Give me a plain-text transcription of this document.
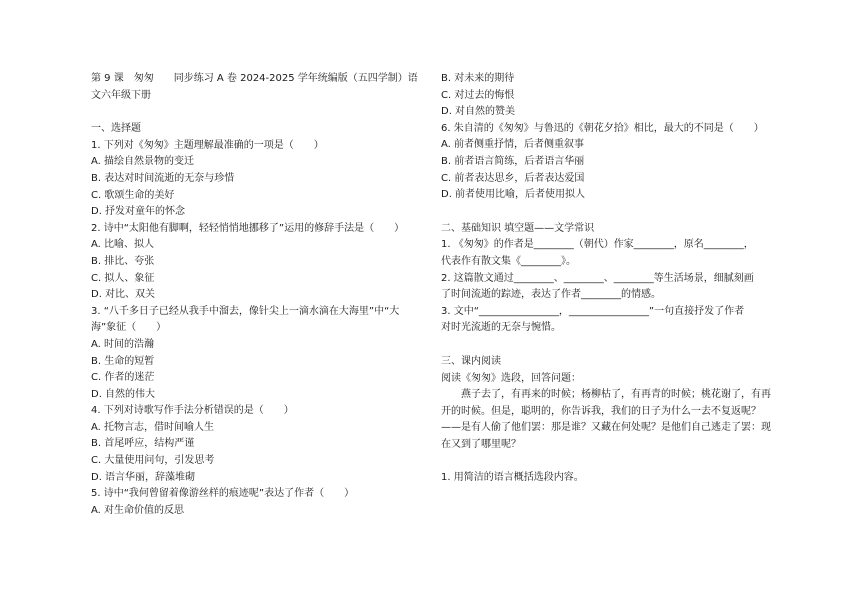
第 9 课　匆匆　　同步练习 A 卷 2024-2025 学年统编版（五四学制）语文六年级下册
一、选择题
1. 下列对《匆匆》主题理解最准确的一项是（　　）
A. 描绘自然景物的变迁
B. 表达对时间流逝的无奈与珍惜
C. 歌颂生命的美好
D. 抒发对童年的怀念
2. 诗中“太阳他有脚啊，轻轻悄悄地挪移了”运用的修辞手法是（　　）
A. 比喻、拟人
B. 排比、夸张
C. 拟人、象征
D. 对比、双关
3. “八千多日子已经从我手中溜去，像针尖上一滴水滴在大海里”中“大
海”象征（　　）
A. 时间的浩瀚
B. 生命的短暂
C. 作者的迷茫
D. 自然的伟大
4. 下列对诗歌写作手法分析错误的是（　　）
A. 托物言志，借时间喻人生
B. 首尾呼应，结构严谨
C. 大量使用问句，引发思考
D. 语言华丽，辞藻堆砌
5. 诗中“我何曾留着像游丝样的痕迹呢”表达了作者（　　）
A. 对生命价值的反思
B. 对未来的期待
C. 对过去的悔恨
D. 对自然的赞美
6. 朱自清的《匆匆》与鲁迅的《朝花夕拾》相比，最大的不同是（　　）
A. 前者侧重抒情，后者侧重叙事
B. 前者语言简练，后者语言华丽
C. 前者表达思乡，后者表达爱国
D. 前者使用比喻，后者使用拟人
二、基础知识 填空题——文学常识
1. 《匆匆》的作者是________（朝代）作家________，原名________，
代表作有散文集《________》。
2. 这篇散文通过________、________、________等生活场景，细腻刻画
了时间流逝的踪迹，表达了作者________的情感。
3. 文中“________________，________________”一句直接抒发了作者
对时光流逝的无奈与惋惜。
三、课内阅读
阅读《匆匆》选段，回答问题：
燕子去了，有再来的时候；杨柳枯了，有再青的时候；桃花谢了，有再开的时候。但是，聪明的，你告诉我，我们的日子为什么一去不复返呢？——是有人偷了他们罢：那是谁？又藏在何处呢？是他们自己逃走了罢：现在又到了哪里呢？
1. 用简洁的语言概括选段内容。
